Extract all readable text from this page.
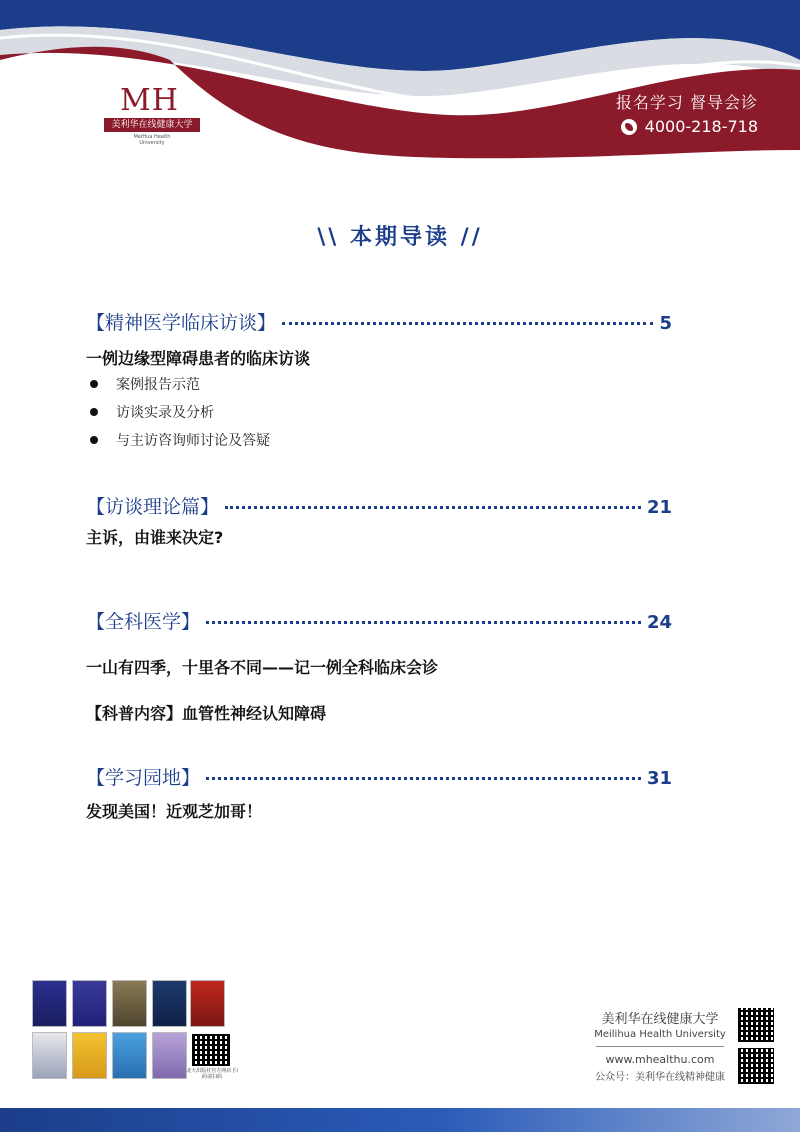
MH
美利华在线健康大学
MeiHua Health University
报名学习 督导会诊
4000-218-718
\\ 本期导读 //
【精神医学临床访谈】	5
一例边缘型障碍患者的临床访谈
案例报告示范
访谈实录及分析
与主访咨询师讨论及答疑
【访谈理论篇】	21
主诉，由谁来决定?
【全科医学】	24
一山有四季，十里各不同——记一例全科临床会诊
【科普内容】血管性神经认知障碍
【学习园地】	31
发现美国！近观芝加哥！
北大出版社官方网店 扫码请扫码
美利华在线健康大学
Meilihua Health University
www.mhealthu.com
公众号：美利华在线精神健康
